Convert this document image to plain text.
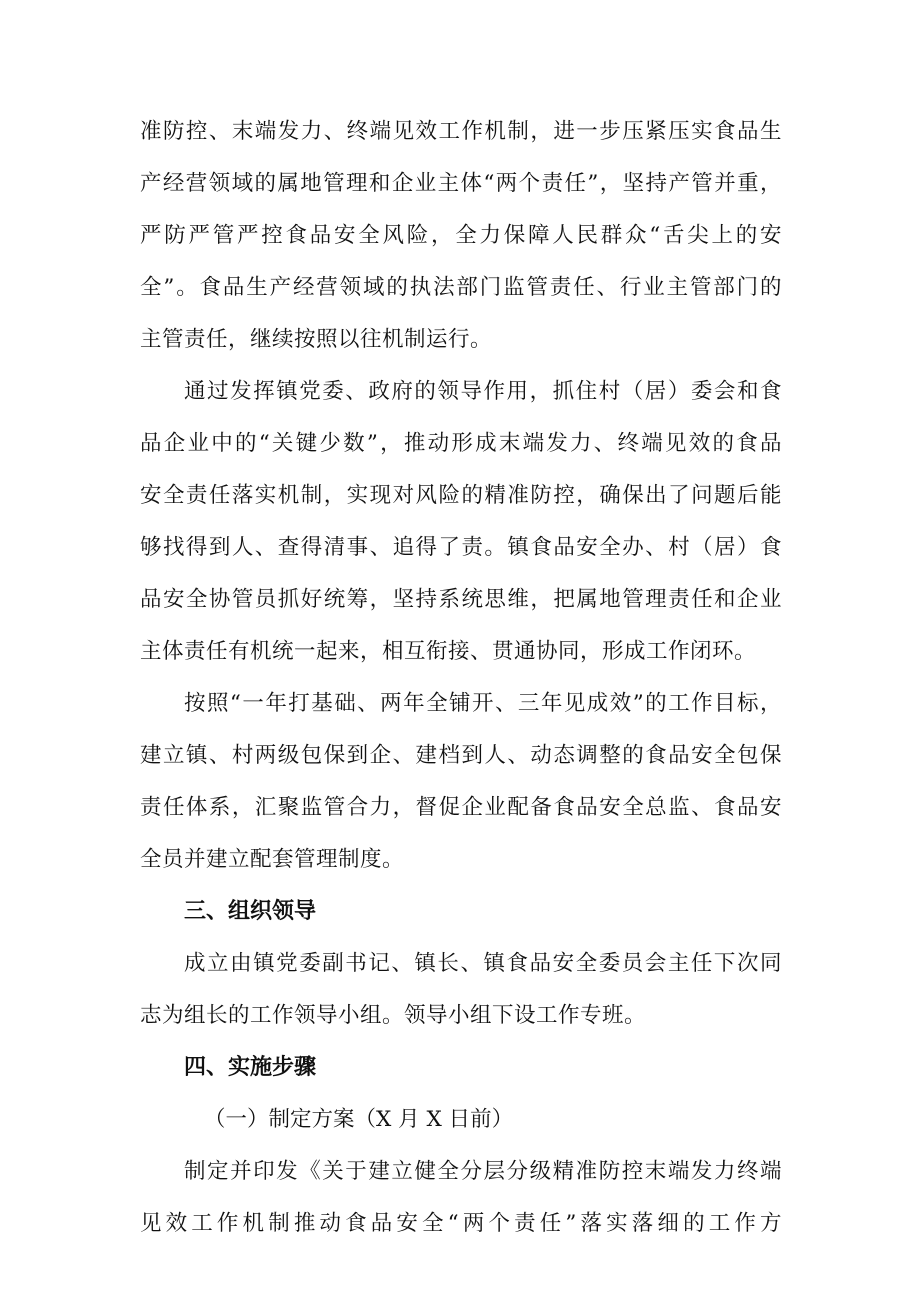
准防控、末端发力、终端见效工作机制，进一步压紧压实食品生
产经营领域的属地管理和企业主体“两个责任”，坚持产管并重，
严防严管严控食品安全风险，全力保障人民群众“舌尖上的安
全”。食品生产经营领域的执法部门监管责任、行业主管部门的
主管责任，继续按照以往机制运行。
通过发挥镇党委、政府的领导作用，抓住村（居）委会和食
品企业中的“关键少数”，推动形成末端发力、终端见效的食品
安全责任落实机制，实现对风险的精准防控，确保出了问题后能
够找得到人、查得清事、追得了责。镇食品安全办、村（居）食
品安全协管员抓好统筹，坚持系统思维，把属地管理责任和企业
主体责任有机统一起来，相互衔接、贯通协同，形成工作闭环。
按照“一年打基础、两年全铺开、三年见成效”的工作目标，
建立镇、村两级包保到企、建档到人、动态调整的食品安全包保
责任体系，汇聚监管合力，督促企业配备食品安全总监、食品安
全员并建立配套管理制度。
三、组织领导
成立由镇党委副书记、镇长、镇食品安全委员会主任下次同
志为组长的工作领导小组。领导小组下设工作专班。
四、实施步骤
（一）制定方案（X 月 X 日前）
制定并印发《关于建立健全分层分级精准防控末端发力终端
见效工作机制推动食品安全“两个责任”落实落细的工作方
